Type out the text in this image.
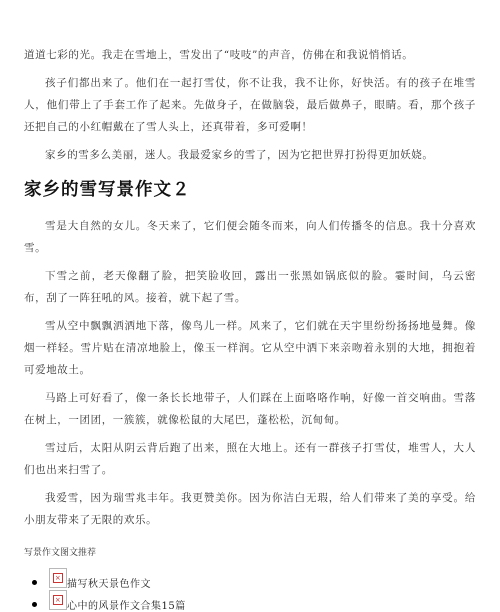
道道七彩的光。我走在雪地上，雪发出了“吱吱”的声音，仿佛在和我说悄悄话。

孩子们都出来了。他们在一起打雪仗，你不让我，我不让你，好快活。有的孩子在堆雪人，他们带上了手套工作了起来。先做身子，在做脑袋，最后做鼻子，眼睛。看，那个孩子还把自己的小红帽戴在了雪人头上，还真带着，多可爱啊！

家乡的雪多么美丽，迷人。我最爱家乡的雪了，因为它把世界打扮得更加妖娆。

家乡的雪写景作文２

雪是大自然的女儿。冬天来了，它们便会随冬而来，向人们传播冬的信息。我十分喜欢雪。

下雪之前，老天像翻了脸，把笑脸收回，露出一张黑如锅底似的脸。霎时间，乌云密布，刮了一阵狂吼的风。接着，就下起了雪。

雪从空中飘飘洒洒地下落，像鸟儿一样。风来了，它们就在天宇里纷纷扬扬地曼舞。像烟一样轻。雪片贴在清凉地脸上，像玉一样润。它从空中洒下来亲吻着永别的大地，拥抱着可爱地故土。

马路上可好看了，像一条长长地带子，人们踩在上面咯咯作响，好像一首交响曲。雪落在树上，一团团，一簇簇，就像松鼠的大尾巴，蓬松松，沉甸甸。

雪过后，太阳从阴云背后跑了出来，照在大地上。还有一群孩子打雪仗，堆雪人，大人们也出来扫雪了。

我爱雪，因为瑞雪兆丰年。我更赞美你。因为你洁白无瑕，给人们带来了美的享受。给小朋友带来了无限的欢乐。

写景作文图文推荐
×
描写秋天景色作文
×
心中的风景作文合集15篇
